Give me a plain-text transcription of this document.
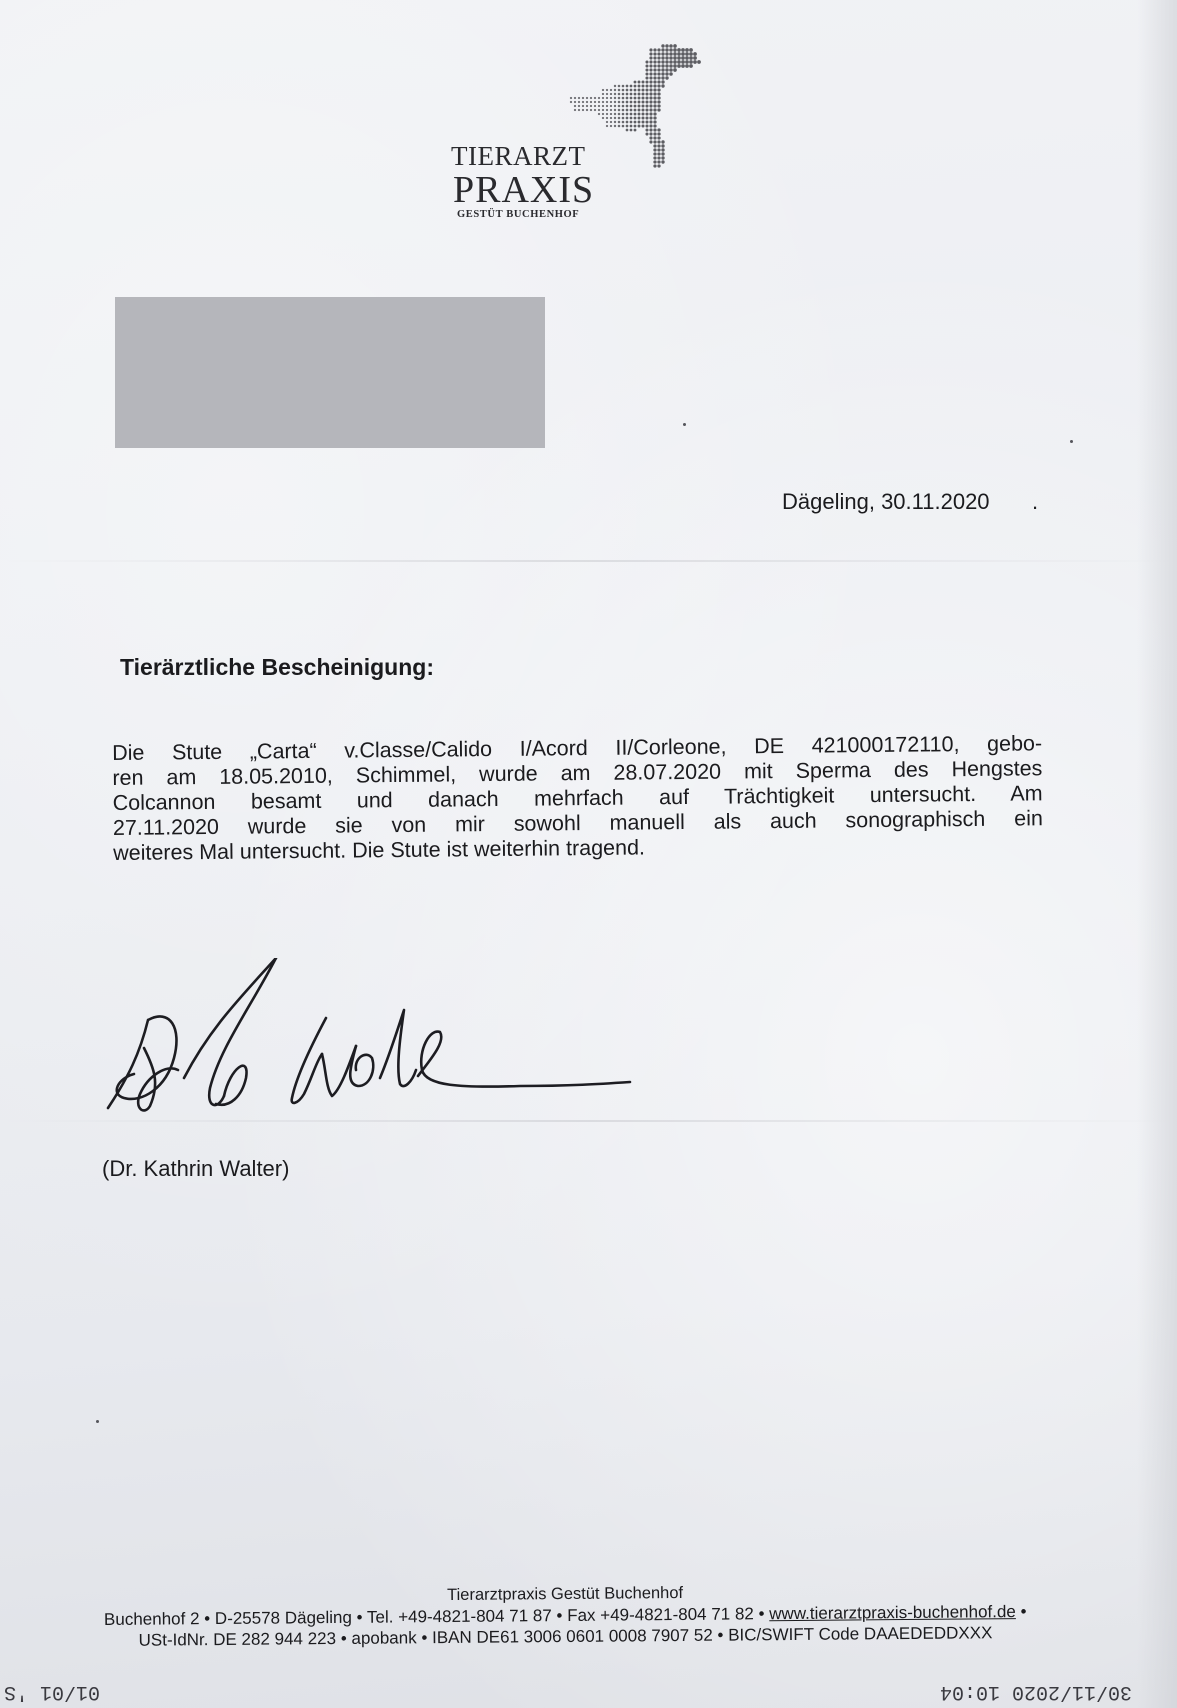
TIERARZT
PRAXIS
GESTÜT BUCHENHOF
Dägeling, 30.11.2020 .
Tierärztliche Bescheinigung:
Die Stute „Carta“ v.Classe/Calido I/Acord II/Corleone, DE 421000172110, gebo-
ren am 18.05.2010, Schimmel, wurde am 28.07.2020 mit Sperma des Hengstes
Colcannon besamt und danach mehrfach auf Trächtigkeit untersucht. Am
27.11.2020 wurde sie von mir sowohl manuell als auch sonographisch ein
weiteres Mal untersucht. Die Stute ist weiterhin tragend.
(Dr. Kathrin Walter)
Tierarztpraxis Gestüt Buchenhof
Buchenhof 2 • D-25578 Dägeling • Tel. +49-4821-804 71 87 • Fax +49-4821-804 71 82 • www.tierarztpraxis-buchenhof.de •
USt-IdNr. DE 282 944 223 • apobank • IBAN DE61 3006 0601 0008 7907 52 • BIC/SWIFT Code DAAEDEDDXXX
01/01 'S	30/11/2020 10:04
